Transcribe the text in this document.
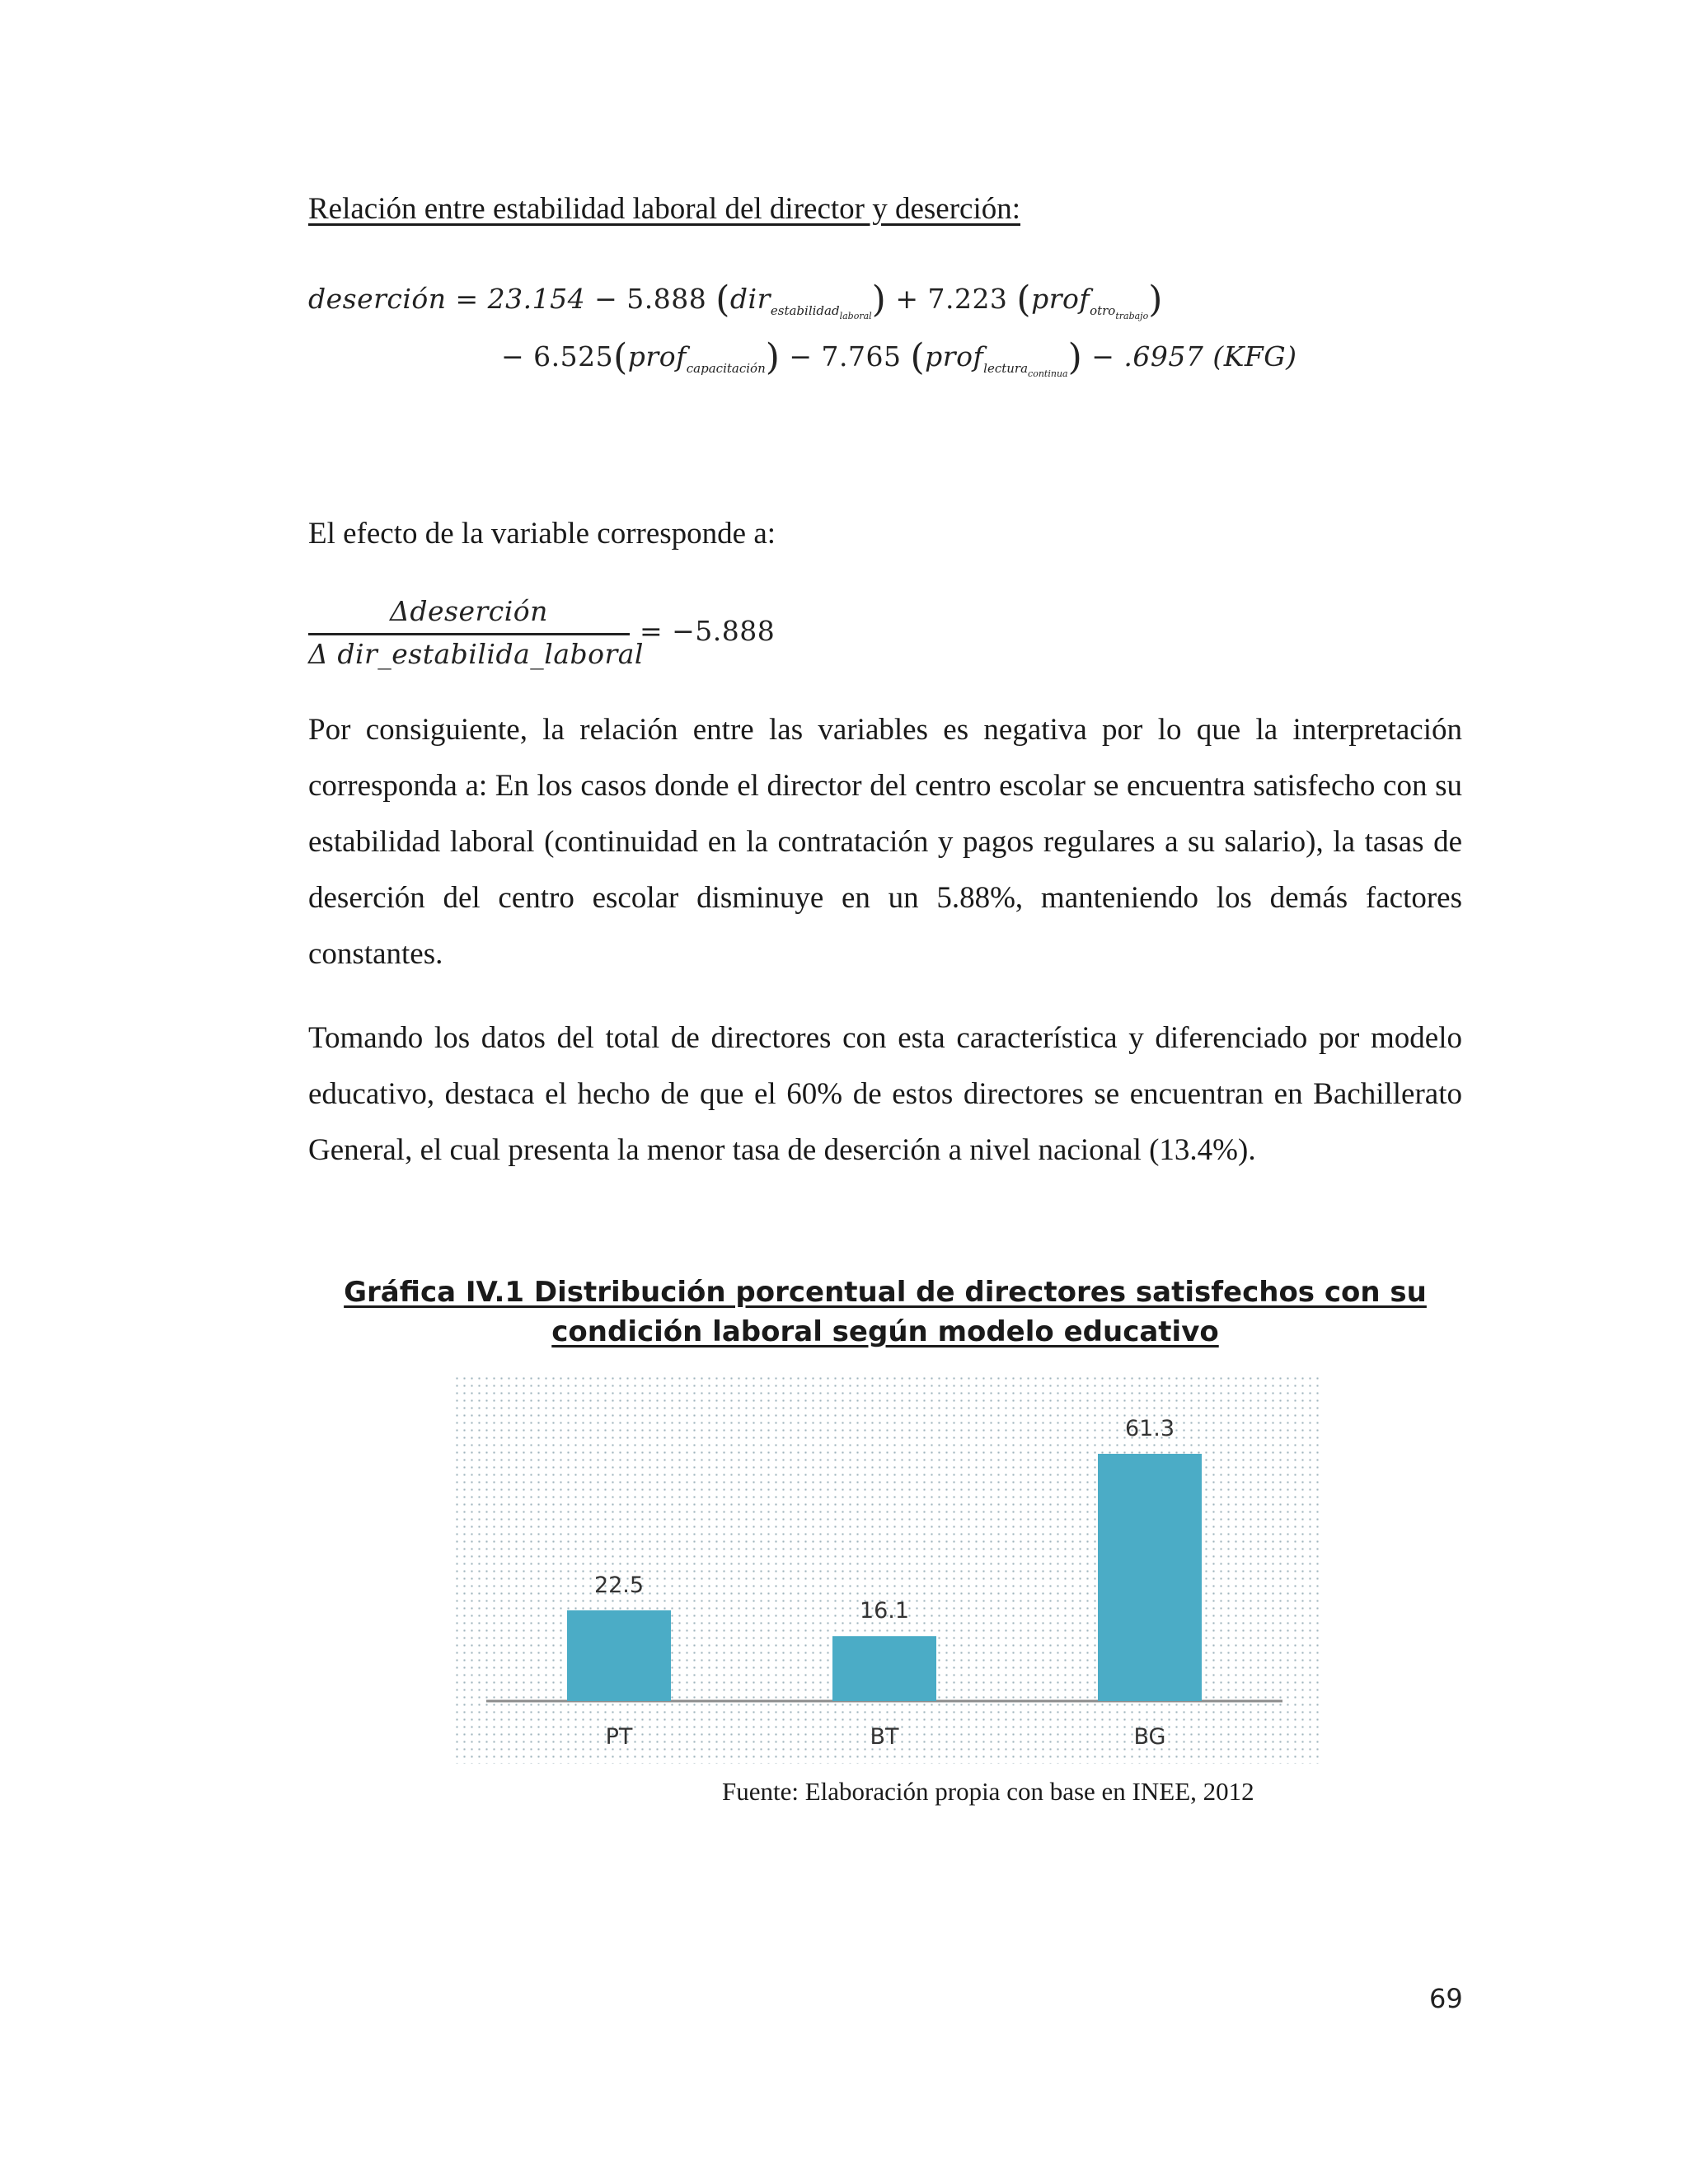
Relación entre estabilidad laboral del director y deserción:
deserción = 23.154 − 5.888 (dir$_{estabilidad_{laboral}}$) + 7.223 (prof$_{otro_{trabajo}}$)
− 6.525(prof$_{capacitación}$) − 7.765 (prof$_{lectura_{continua}}$) − .6957 (KFG)

El efecto de la variable corresponde a:

Δdeserción
Δ dir_estabilida_laboral
= −5.888

Por consiguiente, la relación entre las variables es negativa por lo que la interpretación corresponda a: En los casos donde el director del centro escolar se encuentra satisfecho con su estabilidad laboral (continuidad en la contratación y pagos regulares a su salario), la tasas de deserción del centro escolar disminuye en un 5.88%, manteniendo los demás factores constantes.

Tomando los datos del total de directores con esta característica y diferenciado por modelo educativo, destaca el hecho de que el 60% de estos directores se encuentran en Bachillerato General, el cual presenta la menor tasa de deserción a nivel nacional (13.4%).

Gráfica IV.1 Distribución porcentual de directores satisfechos con su
condición laboral según modelo educativo
22.5
PT
16.1
BT
61.3
BG
Fuente: Elaboración propia con base en INEE, 2012
69
